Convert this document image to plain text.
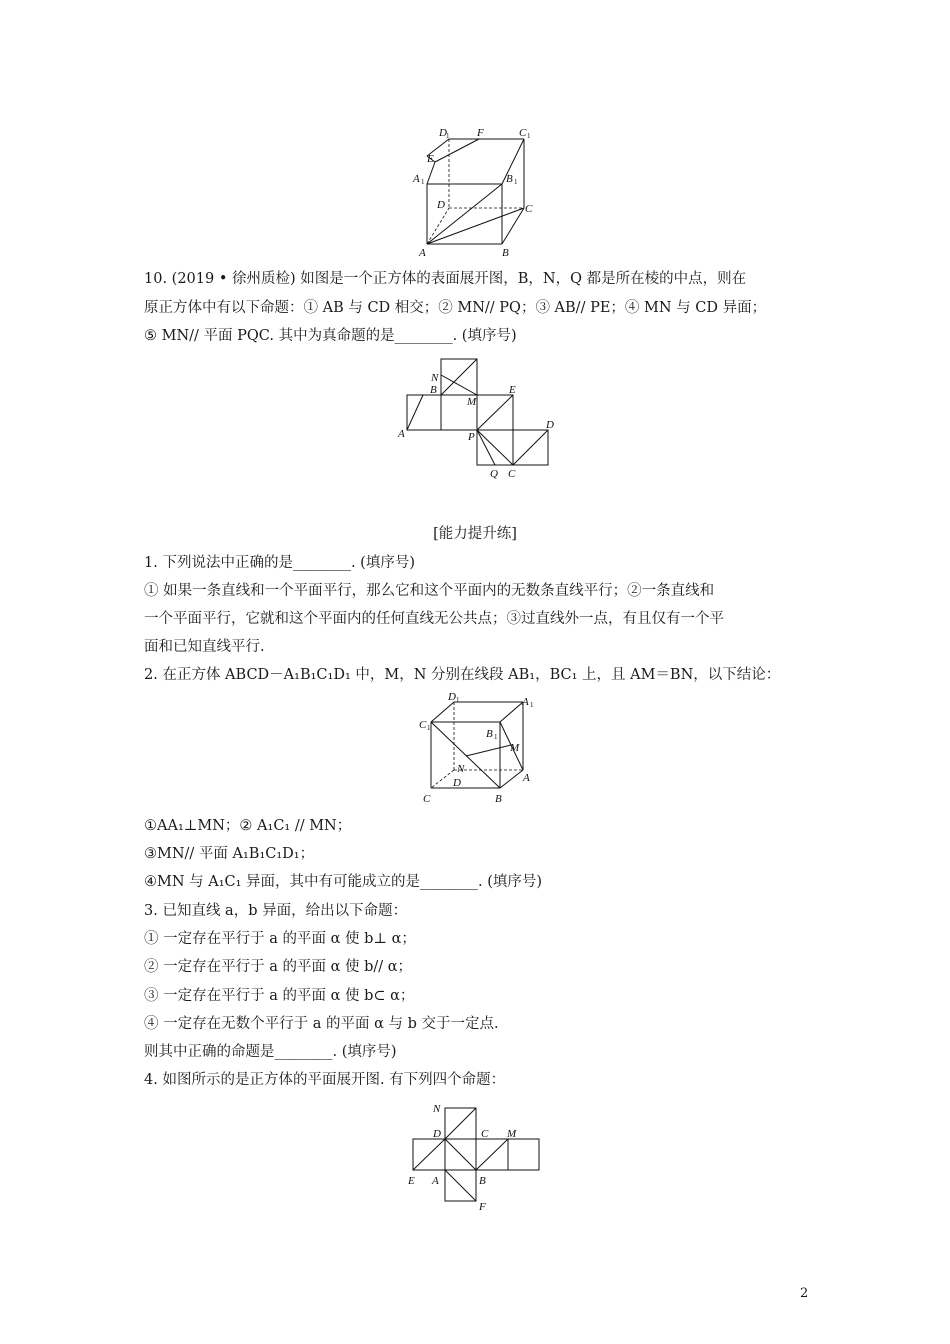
D 1	F	C 1
E
A 1	B 1
D	C
A	B
10. (2019 • 徐州质检) 如图是一个正方体的表面展开图，B，N，Q 都是所在棱的中点，则在
原正方体中有以下命题：① AB 与 CD 相交；② MN// PQ；③ AB// PE；④ MN 与 CD 异面；
⑤ MN// 平面 PQC. 其中为真命题的是________. (填序号)
B
N
M
E
A	P
D
Q C
[能力提升练]
1. 下列说法中正确的是________. (填序号)
① 如果一条直线和一个平面平行，那么它和这个平面内的无数条直线平行；②一条直线和
一个平面平行，它就和这个平面内的任何直线无公共点；③过直线外一点，有且仅有一个平
面和已知直线平行.
2. 在正方体 ABCD－A₁B₁C₁D₁ 中，M，N 分别在线段 AB₁，BC₁ 上，且 AM＝BN，以下结论：
D 1	A 1
C 1	B 1
M
N
D	A
C	B
①AA₁⊥MN；② A₁C₁ // MN；
③MN// 平面 A₁B₁C₁D₁；
④MN 与 A₁C₁ 异面，其中有可能成立的是________. (填序号)
3. 已知直线 a，b 异面，给出以下命题：
① 一定存在平行于 a 的平面 α 使 b⊥ α；
② 一定存在平行于 a 的平面 α 使 b// α；
③ 一定存在平行于 a 的平面 α 使 b⊂ α；
④ 一定存在无数个平行于 a 的平面 α 与 b 交于一定点.
则其中正确的命题是________. (填序号)
4. 如图所示的是正方体的平面展开图. 有下列四个命题：
N
D	C M
E A	B
F
2
